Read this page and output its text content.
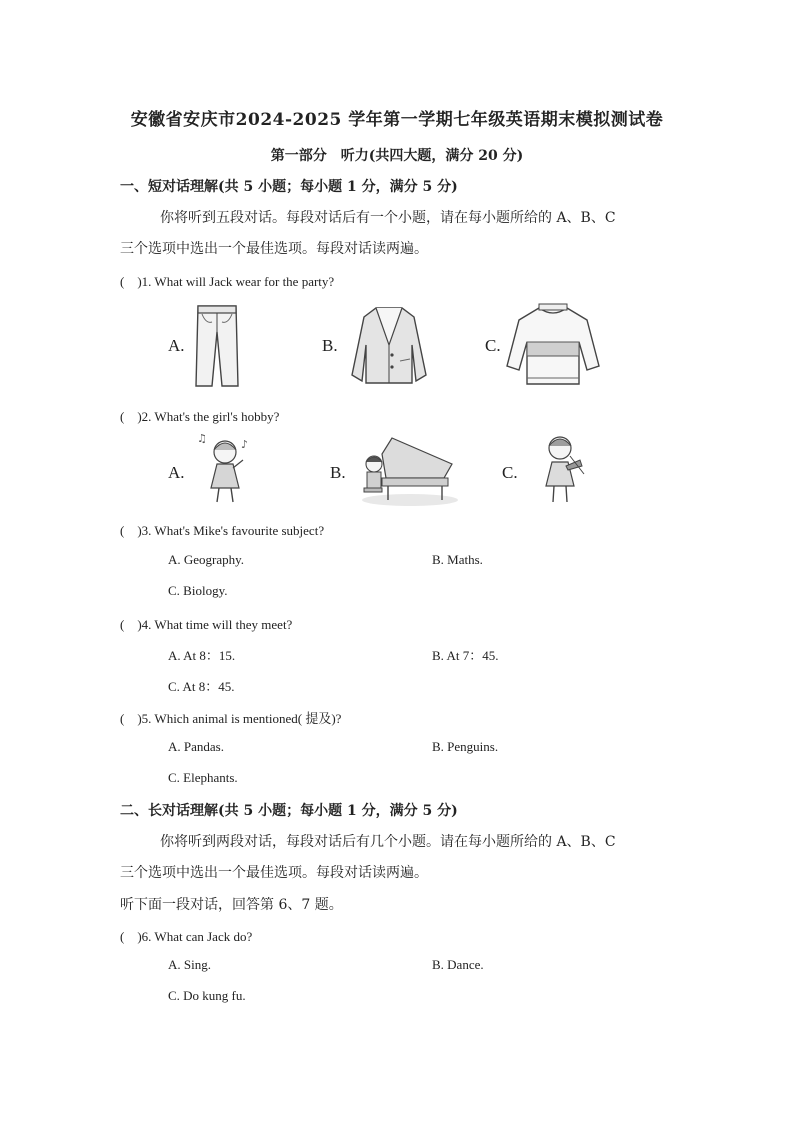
安徽省安庆市2024-2025 学年第一学期七年级英语期末模拟测试卷
第一部分　听力(共四大题，满分 20 分)
一、短对话理解(共 5 小题；每小题 1 分，满分 5 分)
你将听到五段对话。每段对话后有一个小题，请在每小题所给的 A、B、C
三个选项中选出一个最佳选项。每段对话读两遍。
(　)1. What will Jack wear for the party?
A.	B.	C.
(　)2. What's the girl's hobby?
A.
♫	♪
B.	C.
(　)3. What's Mike's favourite subject?
A. Geography.	B. Maths.
C. Biology.
(　)4. What time will they meet?
A. At 8：15.	B. At 7：45.
C. At 8：45.
(　)5. Which animal is mentioned( 提及)?
A. Pandas.	B. Penguins.
C. Elephants.
二、长对话理解(共 5 小题；每小题 1 分，满分 5 分)
你将听到两段对话，每段对话后有几个小题。请在每小题所给的 A、B、C
三个选项中选出一个最佳选项。每段对话读两遍。
听下面一段对话，回答第 6、7 题。
(　)6. What can Jack do?
A. Sing.	B. Dance.
C. Do kung fu.
